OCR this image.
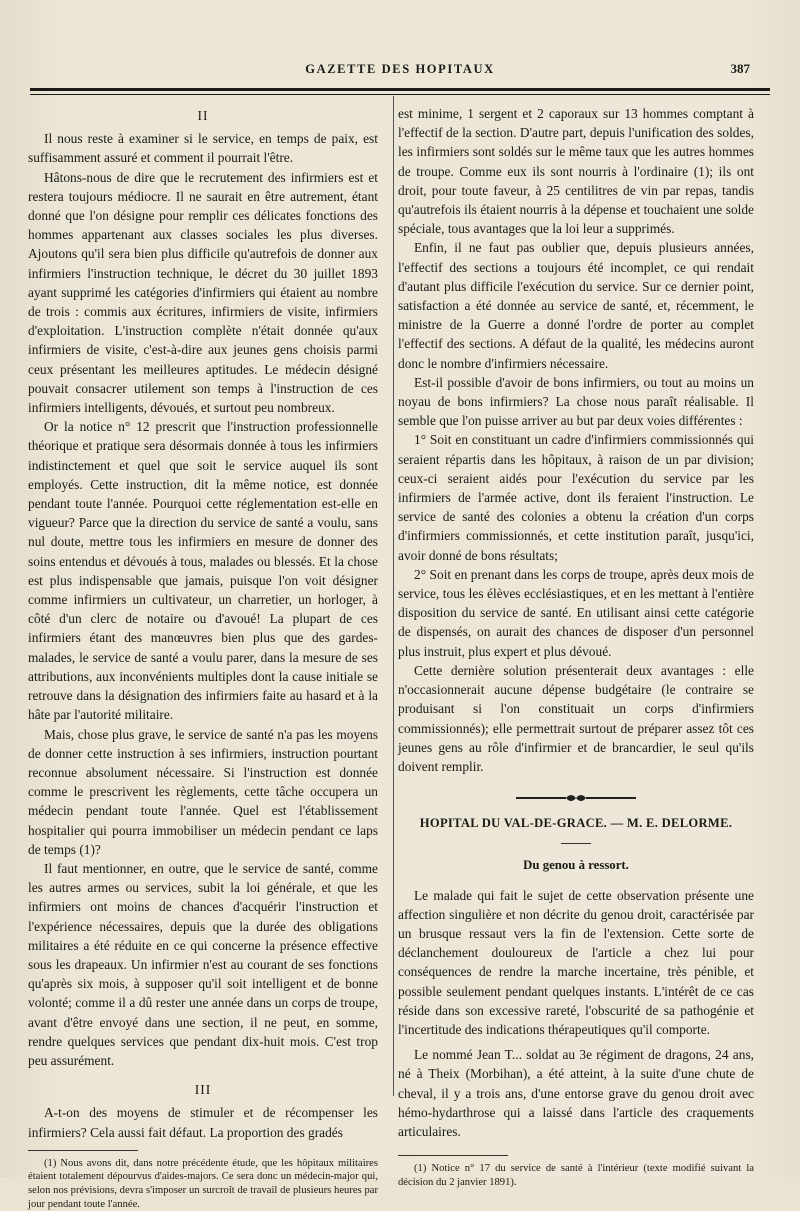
GAZETTE DES HOPITAUX	387
II

Il nous reste à examiner si le service, en temps de paix, est suffisamment assuré et comment il pourrait l'être.

Hâtons-nous de dire que le recrutement des infirmiers est et restera toujours médiocre. Il ne saurait en être autrement, étant donné que l'on désigne pour remplir ces délicates fonctions des hommes appartenant aux classes sociales les plus diverses. Ajoutons qu'il sera bien plus difficile qu'autrefois de donner aux infirmiers l'instruction technique, le décret du 30 juillet 1893 ayant supprimé les catégories d'infirmiers qui étaient au nombre de trois : commis aux écritures, infirmiers de visite, infirmiers d'exploitation. L'instruction complète n'était donnée qu'aux infirmiers de visite, c'est-à-dire aux jeunes gens choisis parmi ceux présentant les meilleures aptitudes. Le médecin désigné pouvait consacrer utilement son temps à l'instruction de ces infirmiers intelligents, dévoués, et surtout peu nombreux.

Or la notice n° 12 prescrit que l'instruction professionnelle théorique et pratique sera désormais donnée à tous les infirmiers indistinctement et quel que soit le service auquel ils sont employés. Cette instruction, dit la même notice, est donnée pendant toute l'année. Pourquoi cette réglementation est-elle en vigueur? Parce que la direction du service de santé a voulu, sans nul doute, mettre tous les infirmiers en mesure de donner des soins entendus et dévoués à tous, malades ou blessés. Et la chose est plus indispensable que jamais, puisque l'on voit désigner comme infirmiers un cultivateur, un charretier, un horloger, à côté d'un clerc de notaire ou d'avoué! La plupart de ces infirmiers étant des manœuvres bien plus que des gardes-malades, le service de santé a voulu parer, dans la mesure de ses attributions, aux inconvénients multiples dont la cause initiale se retrouve dans la désignation des infirmiers faite au hasard et à la hâte par l'autorité militaire.

Mais, chose plus grave, le service de santé n'a pas les moyens de donner cette instruction à ses infirmiers, instruction pourtant reconnue absolument nécessaire. Si l'instruction est donnée comme le prescrivent les règlements, cette tâche occupera un médecin pendant toute l'année. Quel est l'établissement hospitalier qui pourra immobiliser un médecin pendant ce laps de temps (1)?

Il faut mentionner, en outre, que le service de santé, comme les autres armes ou services, subit la loi générale, et que les infirmiers ont moins de chances d'acquérir l'instruction et l'expérience nécessaires, depuis que la durée des obligations militaires a été réduite en ce qui concerne la présence effective sous les drapeaux. Un infirmier n'est au courant de ses fonctions qu'après six mois, à supposer qu'il soit intelligent et de bonne volonté; comme il a dû rester une année dans un corps de troupe, avant d'être envoyé dans une section, il ne peut, en somme, rendre quelques services que pendant dix-huit mois. C'est trop peu assurément.

III

A-t-on des moyens de stimuler et de récompenser les infirmiers? Cela aussi fait défaut. La proportion des gradés

(1) Nous avons dit, dans notre précédente étude, que les hôpitaux militaires étaient totalement dépourvus d'aides-majors. Ce sera donc un médecin-major qui, selon nos prévisions, devra s'imposer un surcroît de travail de plusieurs heures par jour pendant toute l'année.

est minime, 1 sergent et 2 caporaux sur 13 hommes comptant à l'effectif de la section. D'autre part, depuis l'unification des soldes, les infirmiers sont soldés sur le même taux que les autres hommes de troupe. Comme eux ils sont nourris à l'ordinaire (1); ils ont droit, pour toute faveur, à 25 centilitres de vin par repas, tandis qu'autrefois ils étaient nourris à la dépense et touchaient une solde spéciale, tous avantages que la loi leur a supprimés.

Enfin, il ne faut pas oublier que, depuis plusieurs années, l'effectif des sections a toujours été incomplet, ce qui rendait d'autant plus difficile l'exécution du service. Sur ce dernier point, satisfaction a été donnée au service de santé, et, récemment, le ministre de la Guerre a donné l'ordre de porter au complet l'effectif des sections. A défaut de la qualité, les médecins auront donc le nombre d'infirmiers nécessaire.

Est-il possible d'avoir de bons infirmiers, ou tout au moins un noyau de bons infirmiers? La chose nous paraît réalisable. Il semble que l'on puisse arriver au but par deux voies différentes :

1° Soit en constituant un cadre d'infirmiers commissionnés qui seraient répartis dans les hôpitaux, à raison de un par division; ceux-ci seraient aidés pour l'exécution du service par les infirmiers de l'armée active, dont ils feraient l'instruction. Le service de santé des colonies a obtenu la création d'un corps d'infirmiers commissionnés, et cette institution paraît, jusqu'ici, avoir donné de bons résultats;

2° Soit en prenant dans les corps de troupe, après deux mois de service, tous les élèves ecclésiastiques, et en les mettant à l'entière disposition du service de santé. En utilisant ainsi cette catégorie de dispensés, on aurait des chances de disposer d'un personnel plus instruit, plus expert et plus dévoué.

Cette dernière solution présenterait deux avantages : elle n'occasionnerait aucune dépense budgétaire (le contraire se produisant si l'on constituait un corps d'infirmiers commissionnés); elle permettrait surtout de préparer assez tôt ces jeunes gens au rôle d'infirmier et de brancardier, le seul qu'ils doivent remplir.

HOPITAL DU VAL-DE-GRACE. — M. E. DELORME.
Du genou à ressort.

Le malade qui fait le sujet de cette observation présente une affection singulière et non décrite du genou droit, caractérisée par un brusque ressaut vers la fin de l'extension. Cette sorte de déclanchement douloureux de l'article a chez lui pour conséquences de rendre la marche incertaine, très pénible, et possible seulement pendant quelques instants. L'intérêt de ce cas réside dans son excessive rareté, l'obscurité de sa pathogénie et l'incertitude des indications thérapeutiques qu'il comporte.

Le nommé Jean T... soldat au 3e régiment de dragons, 24 ans, né à Theix (Morbihan), a été atteint, à la suite d'une chute de cheval, il y a trois ans, d'une entorse grave du genou droit avec hémo-hydarthrose qui a laissé dans l'article des craquements articulaires.

(1) Notice n° 17 du service de santé à l'intérieur (texte modifié suivant la décision du 2 janvier 1891).
